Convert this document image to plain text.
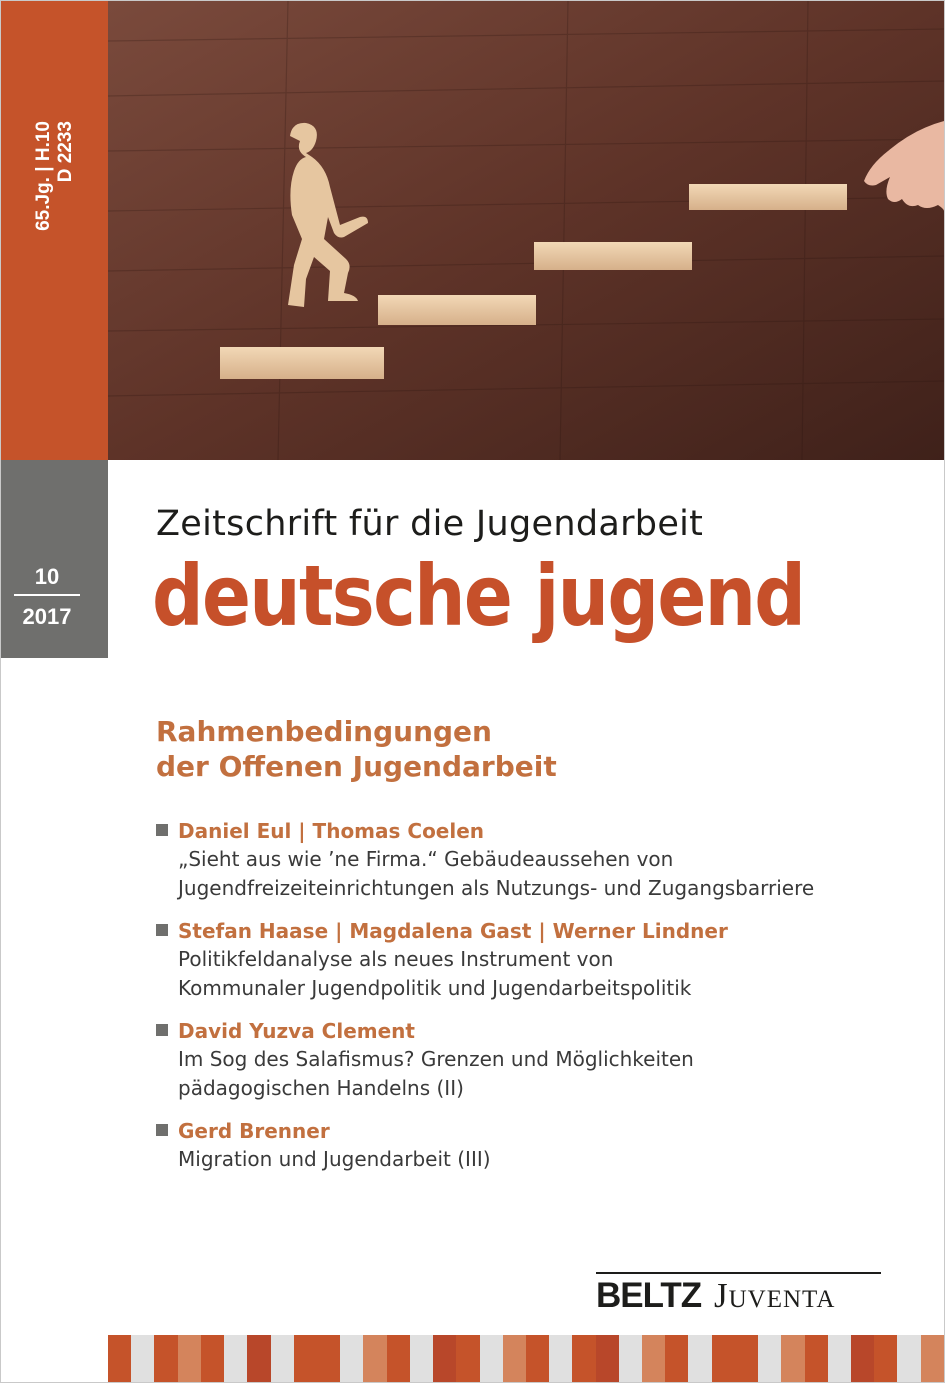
65.Jg. | H.10 D 2233
10
2017
Zeitschrift für die Jugendarbeit
deutsche jugend
Rahmenbedingungen
der Offenen Jugendarbeit
Daniel Eul | Thomas Coelen
„Sieht aus wie ’ne Firma.“ Gebäudeaussehen von
Jugendfreizeiteinrichtungen als Nutzungs- und Zugangsbarriere
Stefan Haase | Magdalena Gast | Werner Lindner
Politikfeldanalyse als neues Instrument von
Kommunaler Jugendpolitik und Jugendarbeitspolitik
David Yuzva Clement
Im Sog des Salafismus? Grenzen und Möglichkeiten
pädagogischen Handelns (II)
Gerd Brenner
Migration und Jugendarbeit (III)
BELTZ Juventa
